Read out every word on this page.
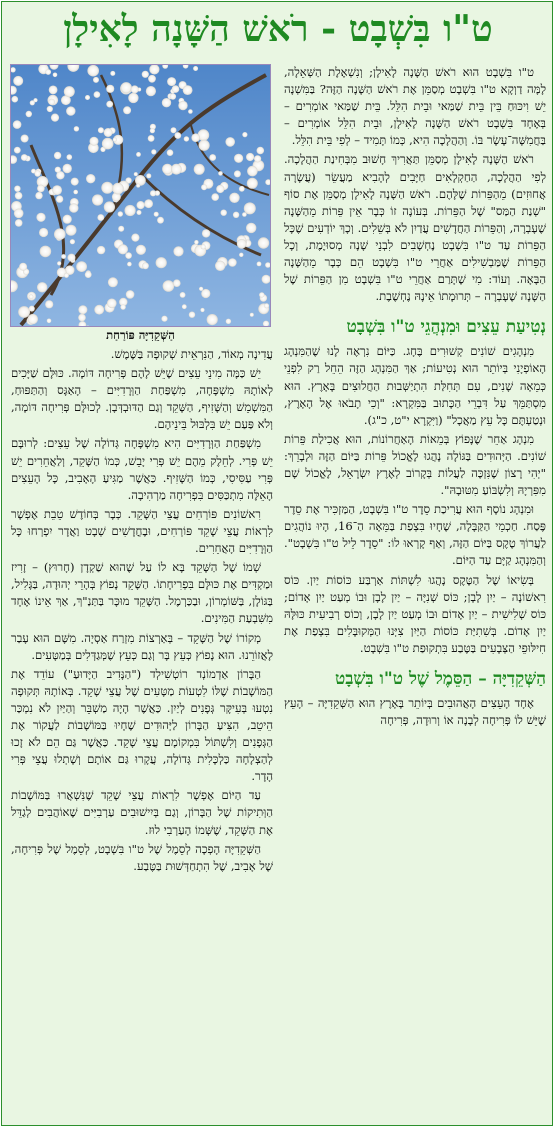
ט"ו בִּשְׁבָט - רֹאשׁ הַשָּׁנָה לָאִילָן
הַשְּׁקֵדִיָּה פּוֹרַחַת

ט"ו בִּשְׁבָט הוּא רֹאשׁ הַשָּׁנָה לָאִילָן; וְנִשְׁאֶלֶת הַשְּׁאֵלָה, לָמָּה דַוְקָא ט"ו בִּשְׁבָט מְסַמֵּן אֶת רֹאשׁ הַשָּׁנָה הַזֶּה? בַּמִּשְׁנָה יֵשׁ וִיכּוּחַ בֵּין בֵּית שַׁמַּאי וּבֵית הִלֵּל. בֵּית שַׁמַּאי אוֹמְרִים – בְּאֶחָד בִּשְׁבָט רֹאשׁ הַשָּׁנָה לָאִילָן, וּבֵית הִלֵּל אוֹמְרִים – בַּחֲמִשָּׁה־עָשָׂר בּוֹ. וְהַהֲלָכָה הִיא, כְּמוֹ תָּמִיד – לְפִי בֵּית הִלֵּל.

רֹאשׁ הַשָּׁנָה לָאִילָן מְסַמֵּן תַּאֲרִיךְ חָשׁוּב מִבְּחִינַת הַהֲלָכָה. לְפִי הַהֲלָכָה, הַחַקְלָאִים חַיָּבִים לְהָבִיא מַעֲשֵׂר (עֲשָׂרָה אֲחוּזִים) מֵהַפֵּרוֹת שֶׁלָּהֶם. רֹאשׁ הַשָּׁנָה לָאִילָן מְסַמֵּן אֶת סוֹף "שְׁנַת הַמַּס" שֶׁל הַפֵּרוֹת. בְּעוֹנָה זוֹ כְּבָר אֵין פֵּרוֹת מֵהַשָּׁנָה שֶׁעָבְרָה, וְהַפֵּרוֹת הַחֲדָשִׁים עֲדַיִן לֹא בְּשֵׁלִים. וְכָךְ יוֹדְעִים שֶׁכָּל הַפֵּרוֹת עַד ט"ו בִּשְׁבָט נֶחְשָׁבִים לִבְנֵי שָׁנָה מְסוּיֶמֶת, וְכָל הַפֵּרוֹת שֶׁמַּבְשִׁילִים אַחֲרֵי ט"ו בִּשְׁבָט הֵם כְּבָר מֵהַשָּׁנָה הַבָּאָה. וְעוֹד: מִי שֶׁתָּרַם אַחֲרֵי ט"ו בִּשְׁבָט מִן הַפֵּרוֹת שֶׁל הַשָּׁנָה שֶׁעָבְרָה – תְּרוּמָתוֹ אֵינָהּ נֶחְשֶׁבֶת.

נְטִיעַת עֵצִים וּמִנְהֲגֵי ט"ו בִּשְׁבָט

מִנְהָגִים שׁוֹנִים קְשׁוּרִים בֶּחָג. כַּיּוֹם נִרְאֶה לָנוּ שֶׁהַמִּנְהָג הָאוֹפְיָנִי בְּיוֹתֵר הוּא נְטִיעוֹת; אַךְ הַמִּנְהָג הַזֶּה הֵחֵל רַק לִפְנֵי כְּמֵאָה שָׁנִים, עִם תְּחִלַּת הִתְיַשְּׁבוּת הַחֲלוּצִים בָּאָרֶץ. הוּא מִסְתַּמֵּךְ עַל דִּבְרֵי הַכָּתוּב בַּמִּקְרָא: "וְכִי תָבֹאוּ אֶל הָאָרֶץ, וּנְטַעְתֶּם כָּל עֵץ מַאֲכָל" (וַיִּקְרָא י"ט, כ"ג).

מִנְהָג אַחֵר שֶׁנָּפוֹץ בְּמֵאוֹת הָאַחֲרוֹנוֹת, הוּא אֲכִילַת פֵּרוֹת שׁוֹנִים. הַיְּהוּדִים בַּגּוֹלָה נָהֲגוּ לֶאֱכוֹל פֵּרוֹת בַּיּוֹם הַזֶּה וּלְבָרֵךְ: "יְהִי רָצוֹן שֶׁנִּזְכֶּה לַעֲלוֹת בְּקָרוֹב לְאֶרֶץ יִשְׂרָאֵל, לֶאֱכוֹל שָׁם מִפִּרְיָהּ וְלִשְׂבּוֹעַ מִטּוּבָהּ".

וּמִנְהָג נוֹסָף הוּא עֲרִיכַת סֵדֶר ט"ו בִּשְׁבָט, הַמַּזְכִּיר אֶת סֵדֶר פֶּסַח. חַכְמֵי הַקַּבָּלָה, שֶׁחָיוּ בִּצְפַת בַּמֵּאָה הַ־16, הָיוּ נוֹהֲגִים לַעֲרוֹךְ טֶקֶס בַּיּוֹם הַזֶּה, וְאַף קָרְאוּ לוֹ: "סֵדֶר לֵיל ט"ו בִּשְׁבָט". וְהַמִּנְהָג קַיָּם עַד הַיּוֹם.

בְּשִׂיאוֹ שֶׁל הַטֶּקֶס נָהֲגוּ לִשְׁתּוֹת אַרְבַּע כּוֹסוֹת יַיִן. כּוֹס רִאשׁוֹנָה – יַיִן לָבָן; כּוֹס שְׁנִיָּה – יַיִן לָבָן וּבוֹ מְעַט יַיִן אָדוֹם; כּוֹס שְׁלִישִׁית – יַיִן אָדוֹם וּבוֹ מְעַט יַיִן לָבָן, וְכוֹס רְבִיעִית כּוּלָּהּ יַיִן אָדוֹם. בְּשִׁתִיַּת כּוֹסוֹת הַיַּיִן צִיְּנוּ הַמְּקוּבָּלִים בִּצְפַת אֶת חִילּוּפֵי הַצְּבָעִים בַּטֶּבַע בִּתְקוּפַת ט"ו בִּשְׁבָט.

הַשְּׁקֵדִיָּה – הַסֵּמֶל שֶׁל ט"ו בִּשְׁבָט

אֶחָד הָעֵצִים הָאֲהוּבִים בְּיוֹתֵר בָּאָרֶץ הוּא הַשְּׁקֵדִיָּה – הָעֵץ שֶׁיֵּשׁ לוֹ פְּרִיחָה לְבָנָה אוֹ וְרוּדָה, פְּרִיחָה

עֲדִינָה מְאוֹד, הַנִּרְאֵית שְׁקוּפָה בַּשֶּׁמֶשׁ.

יֵשׁ כַּמָּה מִינֵי עֵצִים שֶׁיֵּשׁ לָהֶם פְּרִיחָה דּוֹמָה. כּוּלָּם שַׁיָּכִים לְאוֹתָהּ מִשְׁפָּחָה, מִשְׁפַּחַת הַוְּרָדִיִּים – הָאַגָּס וְהַתַּפּוּחַ, הַמִּשְׁמֵשׁ וְהַשָּׁזִיף, הַשָּׁקֵד וְגַם הַדּוּבְדְּבָן. לְכוּלָּם פְּרִיחָה דּוֹמָה, וְלֹא פַּעַם יֵשׁ בִּלְבּוּל בֵּינֵיהֶם.

מִשְׁפַּחַת הַוְּרָדִיִּים הִיא מִשְׁפָּחָה גְּדוֹלָה שֶׁל עֵצִים: לְרוּבָּם יֵשׁ פְּרִי. לְחֵלֶק מֵהֶם יֵשׁ פְּרִי יָבֵשׁ, כְּמוֹ הַשָּׁקֵד, וְלַאֲחֵרִים יֵשׁ פְּרִי עַסִּיסִי, כְּמוֹ הַשָּׁזִיף. כַּאֲשֶׁר מַגִּיעַ הָאָבִיב, כָּל הָעֵצִים הָאֵלֶּה מִתְכַּסִּים בִּפְרִיחָה מַרְהִיבָה.

רִאשׁוֹנִים פּוֹרְחִים עֲצֵי הַשָּׁקֵד. כְּבָר בְּחוֹדֶשׁ טֵבֵת אֶפְשָׁר לִרְאוֹת עֲצֵי שָׁקֵד פּוֹרְחִים, וּבֶחֳדָשִׁים שְׁבָט וַאֲדָר יִפְרְחוּ כָּל הַוְּרָדִיִּים הָאֲחֵרִים.

שְׁמוֹ שֶׁל הַשָּׁקֵד בָּא לוֹ עַל שֶׁהוּא שַׁקְדָן (חָרוּץ) – זָרִיז וּמַקְדִּים אֶת כּוּלָּם בִּפְרִיחָתוֹ. הַשָּׁקֵד נָפוֹץ בְּהָרֵי יְהוּדָה, בַּגָּלִיל, בַּגּוֹלָן, בַּשּׁוֹמְרוֹן, וּבַכַּרְמֶל. הַשָּׁקֵד מוּכָּר בַּתַּנַ"ךְ, אַךְ אֵינוֹ אֶחָד מִשִּׁבְעַת הַמִּינִים.

מְקוֹרוֹ שֶׁל הַשָּׁקֵד – בְּאַרְצוֹת מִזְרַח אַסְיָה. מִשָּׁם הוּא עָבַר לָאֲזוֹרֵנוּ. הוּא נָפוֹץ כְּעֵץ בָּר וְגַם כְּעֵץ שֶׁמְּגַדְּלִים בְּמַטָּעִים.

הַבָּרוֹן אַדְמוֹנְד רוֹטְשִׁילְד ("הַנָּדִיב הַיָּדוּעַ") עוֹדֵד אֶת הַמּוֹשָׁבוֹת שֶׁלּוֹ לִטְעוֹת מַטָּעִים שֶׁל עֲצֵי שָׁקֵד. בְּאוֹתָהּ תְּקוּפָה נִטְעוּ בְּעִיקָּר גְּפָנִים לְיַיִן. כַּאֲשֶׁר הָיָה מַשְׁבֵּר וְהַיַּיִן לֹא נִמְכַּר הֵיטֵב, הִצִּיעַ הַבָּרוֹן לַיְּהוּדִים שֶׁחָיוּ בַּמּוֹשָׁבוֹת לַעֲקוֹר אֶת הַגְּפָנִים וְלִשְׁתּוֹל בִּמְקוֹמָם עֲצֵי שָׁקֵד. כַּאֲשֶׁר גַּם הֵם לֹא זָכוּ לְהַצְלָחָה כַּלְכָּלִית גְּדוֹלָה, עֲקָרוּ גַּם אוֹתָם וְשָׁתְלוּ עֲצֵי פְּרִי הָדָר.

עַד הַיּוֹם אֶפְשָׁר לִרְאוֹת עֲצֵי שָׁקֵד שֶׁנִּשְׁאֲרוּ בַּמּוֹשָׁבוֹת הַוְּתִיקוֹת שֶׁל הַבָּרוֹן, וְגַם בְּיִישׁוּבִים עַרְבִיִּים שֶׁאוֹהֲבִים לְגַדֵּל אֶת הַשָּׁקֵד, שֶׁשְּׁמוֹ הָעַרְבִי לוּז.

הַשְּׁקֵדִיָּה הָפְכָה לְסֵמֶל שֶׁל ט"ו בִּשְׁבָט, לְסֵמֶל שֶׁל פְּרִיחָה, שֶׁל אָבִיב, שֶׁל הִתְחַדְּשׁוּת בַּטֶּבַע.
